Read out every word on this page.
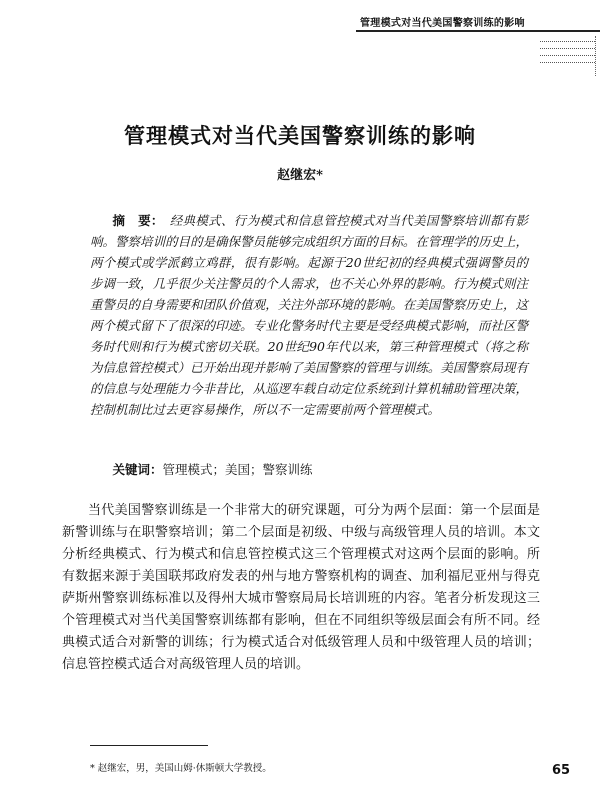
管理模式对当代美国警察训练的影响
管理模式对当代美国警察训练的影响
赵继宏*
摘　要： 经典模式、行为模式和信息管控模式对当代美国警察培训都有影响。警察培训的目的是确保警员能够完成组织方面的目标。在管理学的历史上，两个模式或学派鹤立鸡群，很有影响。起源于20世纪初的经典模式强调警员的步调一致，几乎很少关注警员的个人需求，也不关心外界的影响。行为模式则注重警员的自身需要和团队价值观，关注外部环境的影响。在美国警察历史上，这两个模式留下了很深的印迹。专业化警务时代主要是受经典模式影响，而社区警务时代则和行为模式密切关联。20世纪90年代以来，第三种管理模式（将之称为信息管控模式）已开始出现并影响了美国警察的管理与训练。美国警察局现有的信息与处理能力今非昔比，从巡逻车载自动定位系统到计算机辅助管理决策，控制机制比过去更容易操作，所以不一定需要前两个管理模式。
关键词：管理模式；美国；警察训练
当代美国警察训练是一个非常大的研究课题，可分为两个层面：第一个层面是新警训练与在职警察培训；第二个层面是初级、中级与高级管理人员的培训。本文分析经典模式、行为模式和信息管控模式这三个管理模式对这两个层面的影响。所有数据来源于美国联邦政府发表的州与地方警察机构的调查、加利福尼亚州与得克萨斯州警察训练标准以及得州大城市警察局局长培训班的内容。笔者分析发现这三个管理模式对当代美国警察训练都有影响，但在不同组织等级层面会有所不同。经典模式适合对新警的训练；行为模式适合对低级管理人员和中级管理人员的培训；信息管控模式适合对高级管理人员的培训。
* 赵继宏，男，美国山姆·休斯顿大学教授。	65
